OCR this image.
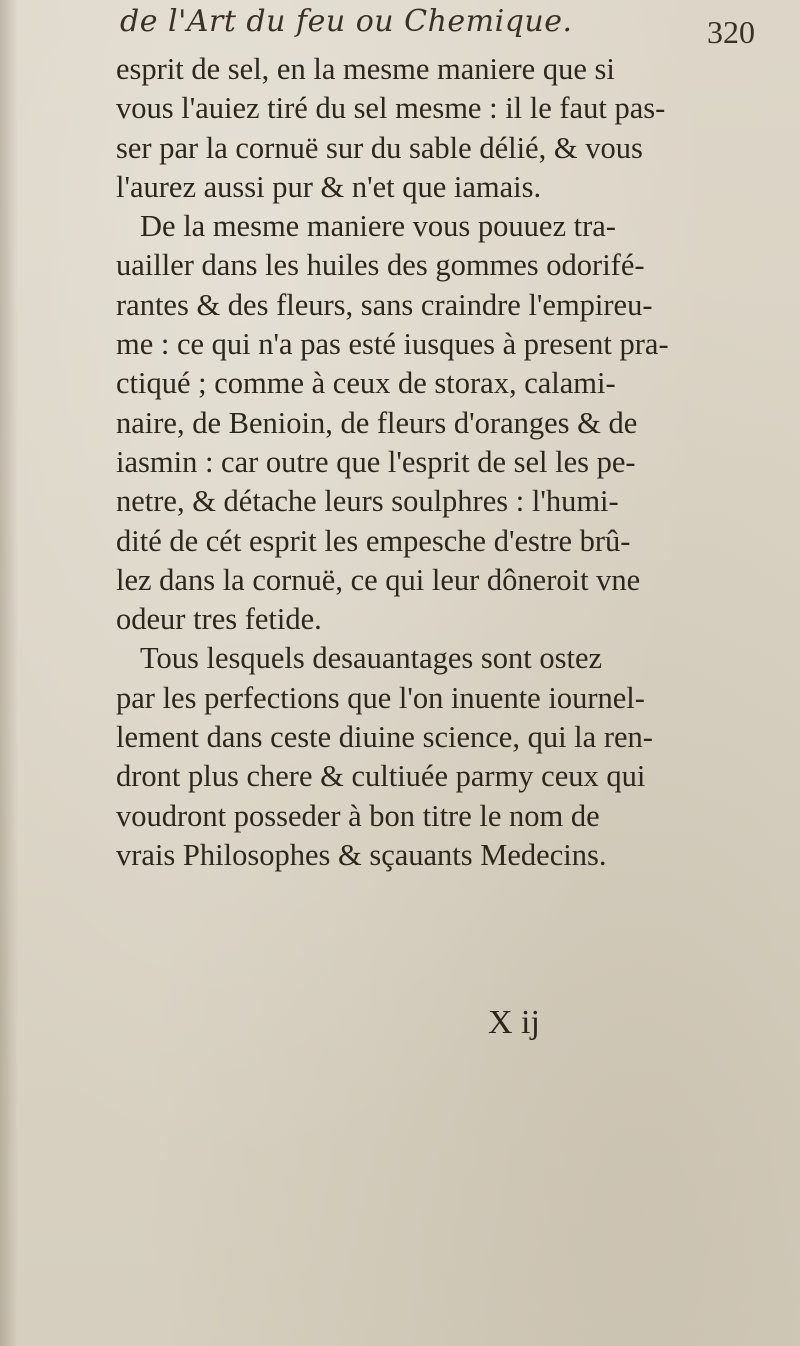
de l'Art du feu ou Chemique.	320
esprit de sel, en la mesme maniere que si
vous l'auiez tiré du sel mesme : il le faut pas-
ser par la cornuë sur du sable délié, & vous
l'aurez aussi pur & n'et que iamais.
De la mesme maniere vous pouuez tra-
uailler dans les huiles des gommes odorifé-
rantes & des fleurs, sans craindre l'empireu-
me : ce qui n'a pas esté iusques à present pra-
ctiqué ; comme à ceux de storax, calami-
naire, de Benioin, de fleurs d'oranges & de
iasmin : car outre que l'esprit de sel les pe-
netre, & détache leurs soulphres : l'humi-
dité de cét esprit les empesche d'estre brû-
lez dans la cornuë, ce qui leur dôneroit vne
odeur tres fetide.
Tous lesquels desauantages sont ostez
par les perfections que l'on inuente iournel-
lement dans ceste diuine science, qui la ren-
dront plus chere & cultiuée parmy ceux qui
voudront posseder à bon titre le nom de
vrais Philosophes & sçauants Medecins.
X ij
